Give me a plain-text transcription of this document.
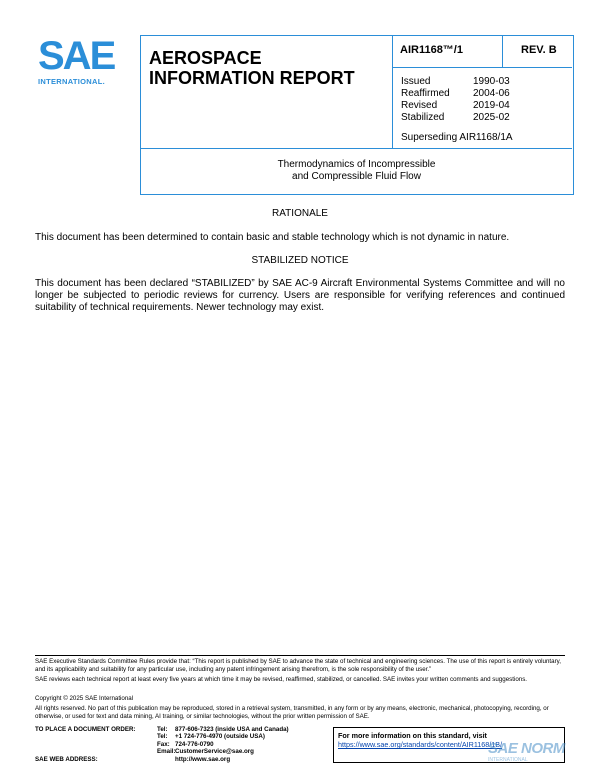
SAE
INTERNATIONAL.
AEROSPACE
INFORMATION REPORT
AIR1168™/1	REV. B
Issued	1990-03
Reaffirmed	2004-06
Revised	2019-04
Stabilized	2025-02
Superseding AIR1168/1A
Thermodynamics of Incompressible
and Compressible Fluid Flow
RATIONALE
This document has been determined to contain basic and stable technology which is not dynamic in nature.
STABILIZED NOTICE
This document has been declared “STABILIZED” by SAE AC-9 Aircraft Environmental Systems Committee and will no longer be subjected to periodic reviews for currency. Users are responsible for verifying references and continued suitability of technical requirements. Newer technology may exist.
SAE Executive Standards Committee Rules provide that: “This report is published by SAE to advance the state of technical and engineering sciences. The use of this report is entirely voluntary, and its applicability and suitability for any particular use, including any patent infringement arising therefrom, is the sole responsibility of the user.”
SAE reviews each technical report at least every five years at which time it may be revised, reaffirmed, stabilized, or cancelled. SAE invites your written comments and suggestions.
Copyright © 2025 SAE International
All rights reserved. No part of this publication may be reproduced, stored in a retrieval system, transmitted, in any form or by any means, electronic, mechanical, photocopying, recording, or otherwise, or used for text and data mining, AI training, or similar technologies, without the prior written permission of SAE.
TO PLACE A DOCUMENT ORDER:	Tel:	877-606-7323 (inside USA and Canada)
Tel:	+1 724-776-4970 (outside USA)
Fax: 724-776-0790
Email: CustomerService@sae.org
SAE WEB ADDRESS:	http://www.sae.org
For more information on this standard, visit
https://www.sae.org/standards/content/AIR1168/1B/
SAE NORM
INTERNATIONAL
